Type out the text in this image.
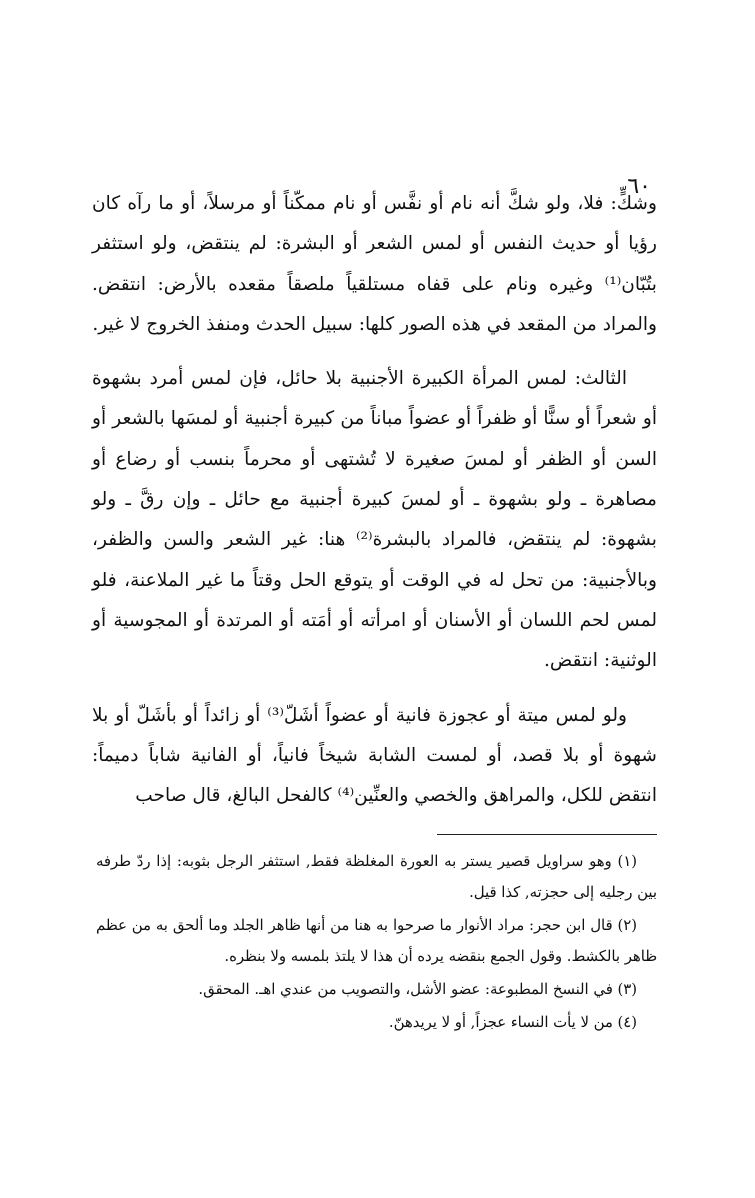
٦٠

وشكٍّ: فلا، ولو شكَّ أنه نام أو نفَّس أو نام ممكّناً أو مرسلاً، أو ما رآه كان رؤيا أو حديث النفس أو لمس الشعر أو البشرة: لم ينتقض، ولو استثفر بتُبّان⁽¹⁾ وغيره ونام على قفاه مستلقياً ملصقاً مقعده بالأرض: انتقض. والمراد من المقعد في هذه الصور كلها: سبيل الحدث ومنفذ الخروج لا غير.

الثالث: لمس المرأة الكبيرة الأجنبية بلا حائل، فإن لمس أمرد بشهوة أو شعراً أو سنًّا أو ظفراً أو عضواً مباناً من كبيرة أجنبية أو لمسَها بالشعر أو السن أو الظفر أو لمسَ صغيرة لا تُشتهى أو محرماً بنسب أو رضاع أو مصاهرة ـ ولو بشهوة ـ أو لمسَ كبيرة أجنبية مع حائل ـ وإن رقَّ ـ ولو بشهوة: لم ينتقض، فالمراد بالبشرة⁽²⁾ هنا: غير الشعر والسن والظفر، وبالأجنبية: من تحل له في الوقت أو يتوقع الحل وقتاً ما غير الملاعنة، فلو لمس لحم اللسان أو الأسنان أو امرأته أو أمَته أو المرتدة أو المجوسية أو الوثنية: انتقض.

ولو لمس ميتة أو عجوزة فانية أو عضواً أشَلّ⁽³⁾ أو زائداً أو بأشَلّ أو بلا شهوة أو بلا قصد، أو لمست الشابة شيخاً فانياً، أو الفانية شاباً دميماً: انتقض للكل، والمراهق والخصي والعنِّين⁽⁴⁾ كالفحل البالغ، قال صاحب

(١) وهو سراويل قصير يستر به العورة المغلظة فقط, استثفر الرجل بثوبه: إذا ردّ طرفه بين رجليه إلى حجزته, كذا قيل.

(٢) قال ابن حجر: مراد الأنوار ما صرحوا به هنا من أنها ظاهر الجلد وما ألحق به من عظم ظاهر بالكشط. وقول الجمع بنقضه يرده أن هذا لا يلتذ بلمسه ولا بنظره.

(٣) في النسخ المطبوعة: عضو الأشل، والتصويب من عندي اهـ. المحقق.

(٤) من لا يأت النساء عجزاً, أو لا يريدهنّ.
